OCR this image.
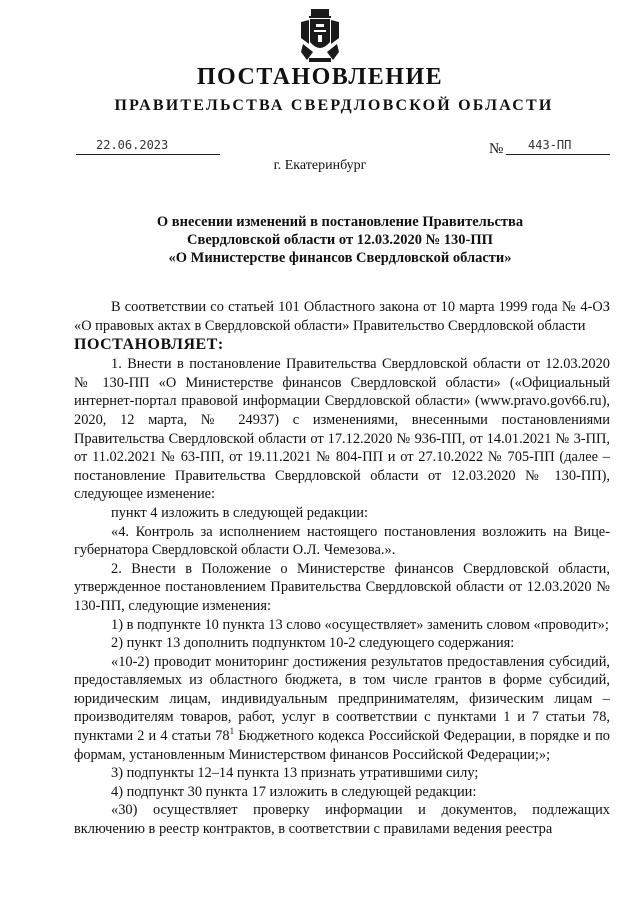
ПОСТАНОВЛЕНИЕ
ПРАВИТЕЛЬСТВА СВЕРДЛОВСКОЙ ОБЛАСТИ
22.06.2023	№	443-ПП
г. Екатеринбург
О внесении изменений в постановление Правительства
Свердловской области от 12.03.2020 № 130-ПП
«О Министерстве финансов Свердловской области»

В соответствии со статьей 101 Областного закона от 10 марта 1999 года № 4-ОЗ «О правовых актах в Свердловской области» Правительство Свердловской области

ПОСТАНОВЛЯЕТ:

1. Внести в постановление Правительства Свердловской области от 12.03.2020 № 130-ПП «О Министерстве финансов Свердловской области» («Официальный интернет-портал правовой информации Свердловской области» (www.pravo.gov66.ru), 2020, 12 марта, № 24937) с изменениями, внесенными постановлениями Правительства Свердловской области от 17.12.2020 № 936-ПП, от 14.01.2021 № 3-ПП, от 11.02.2021 № 63-ПП, от 19.11.2021 № 804-ПП и от 27.10.2022 № 705-ПП (далее – постановление Правительства Свердловской области от 12.03.2020 № 130-ПП), следующее изменение:

пункт 4 изложить в следующей редакции:

«4. Контроль за исполнением настоящего постановления возложить на Вице-губернатора Свердловской области О.Л. Чемезова.».

2. Внести в Положение о Министерстве финансов Свердловской области, утвержденное постановлением Правительства Свердловской области от 12.03.2020 № 130-ПП, следующие изменения:

1) в подпункте 10 пункта 13 слово «осуществляет» заменить словом «проводит»;

2) пункт 13 дополнить подпунктом 10-2 следующего содержания:

«10-2) проводит мониторинг достижения результатов предоставления субсидий, предоставляемых из областного бюджета, в том числе грантов в форме субсидий, юридическим лицам, индивидуальным предпринимателям, физическим лицам – производителям товаров, работ, услуг в соответствии с пунктами 1 и 7 статьи 78, пунктами 2 и 4 статьи $78^1$ Бюджетного кодекса Российской Федерации, в порядке и по формам, установленным Министерством финансов Российской Федерации;»;

3) подпункты 12–14 пункта 13 признать утратившими силу;

4) подпункт 30 пункта 17 изложить в следующей редакции:

«30) осуществляет проверку информации и документов, подлежащих включению в реестр контрактов, в соответствии с правилами ведения реестра
